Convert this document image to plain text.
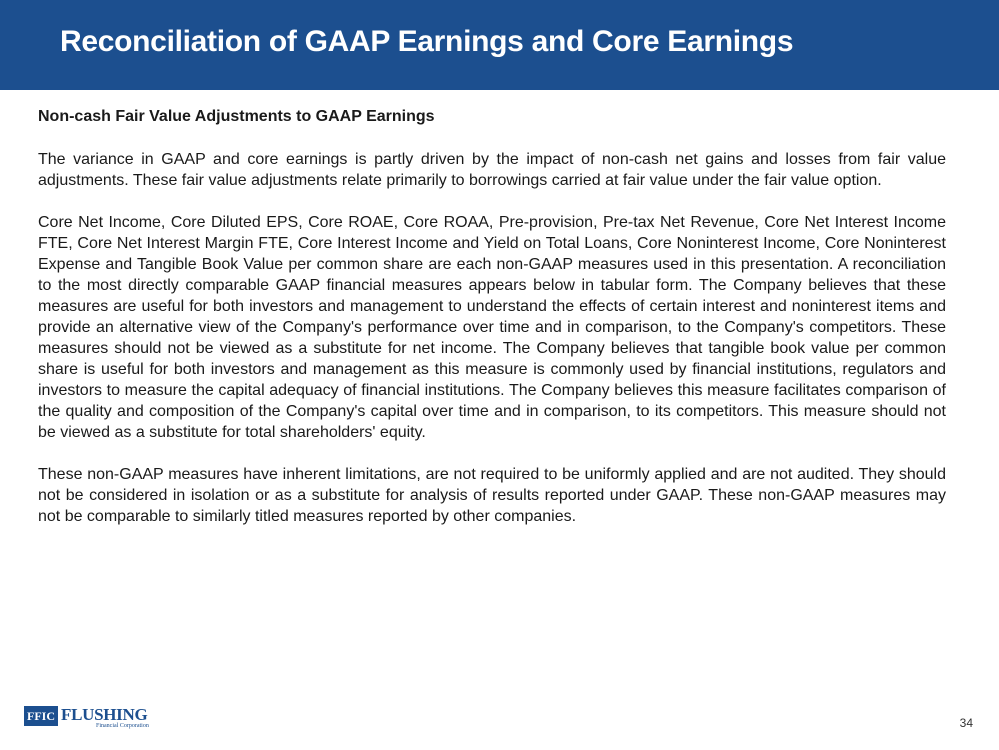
Reconciliation of GAAP Earnings and Core Earnings

Non-cash Fair Value Adjustments to GAAP Earnings

The variance in GAAP and core earnings is partly driven by the impact of non-cash net gains and losses from fair value adjustments. These fair value adjustments relate primarily to borrowings carried at fair value under the fair value option.

Core Net Income, Core Diluted EPS, Core ROAE, Core ROAA, Pre-provision, Pre-tax Net Revenue, Core Net Interest Income FTE, Core Net Interest Margin FTE, Core Interest Income and Yield on Total Loans, Core Noninterest Income, Core Noninterest Expense and Tangible Book Value per common share are each non-GAAP measures used in this presentation. A reconciliation to the most directly comparable GAAP financial measures appears below in tabular form. The Company believes that these measures are useful for both investors and management to understand the effects of certain interest and noninterest items and provide an alternative view of the Company's performance over time and in comparison, to the Company's competitors. These measures should not be viewed as a substitute for net income. The Company believes that tangible book value per common share is useful for both investors and management as this measure is commonly used by financial institutions, regulators and investors to measure the capital adequacy of financial institutions. The Company believes this measure facilitates comparison of the quality and composition of the Company's capital over time and in comparison, to its competitors. This measure should not be viewed as a substitute for total shareholders' equity.

These non-GAAP measures have inherent limitations, are not required to be uniformly applied and are not audited. They should not be considered in isolation or as a substitute for analysis of results reported under GAAP. These non-GAAP measures may not be comparable to similarly titled measures reported by other companies.

FFIC FLUSHING
Financial Corporation	34
